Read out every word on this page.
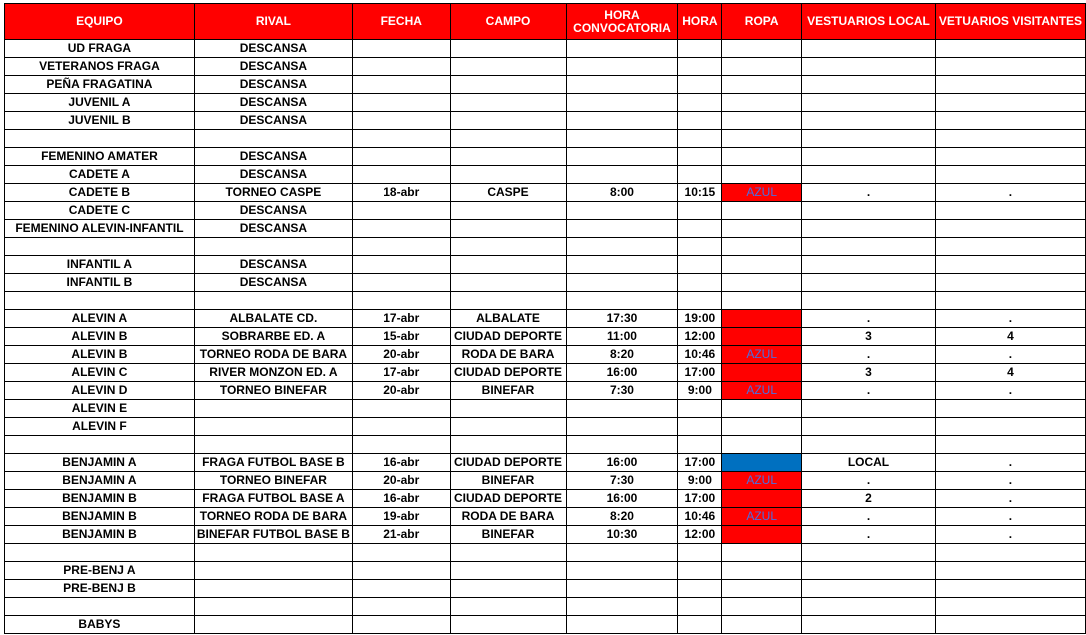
EQUIPO	RIVAL	FECHA	CAMPO	HORA CONVOCATORIA	HORA	ROPA	VESTUARIOS LOCAL	VETUARIOS VISITANTES
UD FRAGA	DESCANSA							
VETERANOS FRAGA	DESCANSA							
PEÑA FRAGATINA	DESCANSA							
JUVENIL A	DESCANSA							
JUVENIL B	DESCANSA							

FEMENINO AMATER	DESCANSA							
CADETE A	DESCANSA							
CADETE B	TORNEO CASPE	18-abr	CASPE	8:00	10:15	AZUL	.	.
CADETE C	DESCANSA							
FEMENINO ALEVIN-INFANTIL	DESCANSA							

INFANTIL A	DESCANSA							
INFANTIL B	DESCANSA							

ALEVIN A	ALBALATE CD.	17-abr	ALBALATE	17:30	19:00		.	.
ALEVIN B	SOBRARBE ED. A	15-abr	CIUDAD DEPORTE	11:00	12:00		3	4
ALEVIN B	TORNEO RODA DE BARA	20-abr	RODA DE BARA	8:20	10:46	AZUL	.	.
ALEVIN C	RIVER MONZON ED. A	17-abr	CIUDAD DEPORTE	16:00	17:00		3	4
ALEVIN D	TORNEO BINEFAR	20-abr	BINEFAR	7:30	9:00	AZUL	.	.
ALEVIN E								
ALEVIN F								

BENJAMIN A	FRAGA FUTBOL BASE B	16-abr	CIUDAD DEPORTE	16:00	17:00		LOCAL	.
BENJAMIN A	TORNEO BINEFAR	20-abr	BINEFAR	7:30	9:00	AZUL	.	.
BENJAMIN B	FRAGA FUTBOL BASE A	16-abr	CIUDAD DEPORTE	16:00	17:00		2	.
BENJAMIN B	TORNEO RODA DE BARA	19-abr	RODA DE BARA	8:20	10:46	AZUL	.	.
BENJAMIN B	BINEFAR FUTBOL BASE B	21-abr	BINEFAR	10:30	12:00		.	.

PRE-BENJ A								
PRE-BENJ B								

BABYS								
